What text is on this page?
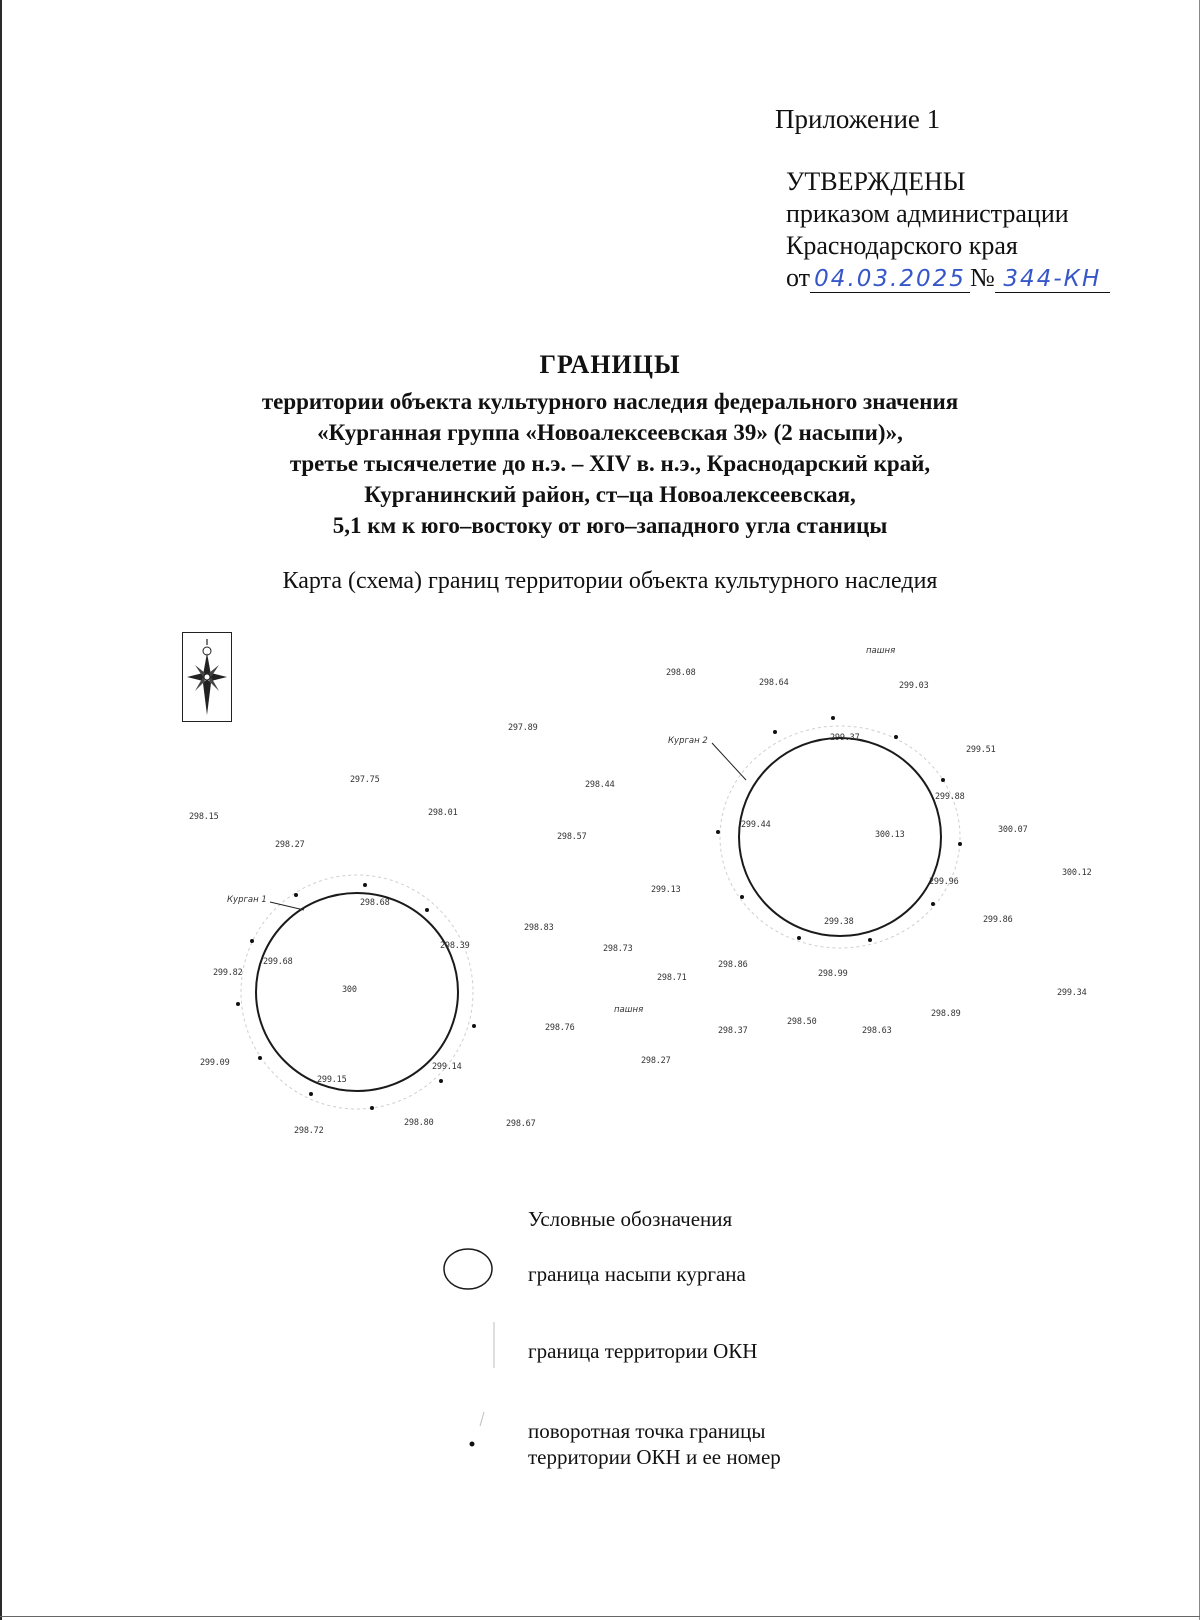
Приложение 1
УТВЕРЖДЕНЫ
приказом администрации
Краснодарского края
от 04.03.2025 № 344-КН
ГРАНИЦЫ
территории объекта культурного наследия федерального значения
«Курганная группа «Новоалексеевская 39» (2 насыпи)»,
третье тысячелетие до н.э. – XIV в. н.э., Краснодарский край,
Курганинский район, ст–ца Новоалексеевская,
5,1 км к юго–востоку от юго–западного угла станицы
Карта (схема) границ территории объекта культурного наследия
пашня
пашня
Курган 1
Курган 2
298.08
298.64	299.03
297.89
299.37
299.51
297.75	298.44
299.88
298.15	298.01
299.44
300.13	300.07
298.57
298.27
300.12
299.96
299.13
298.68
299.86
298.83
299.38
298.39	298.73
299.68	298.86
298.99
299.82	298.71
300	299.34
298.89
298.50
298.63
298.76	298.37
299.09	298.27
299.14
299.15
298.72
298.80	298.67
Условные обозначения
граница насыпи кургана
граница территории ОКН
поворотная точка границы
территории ОКН и ее номер
